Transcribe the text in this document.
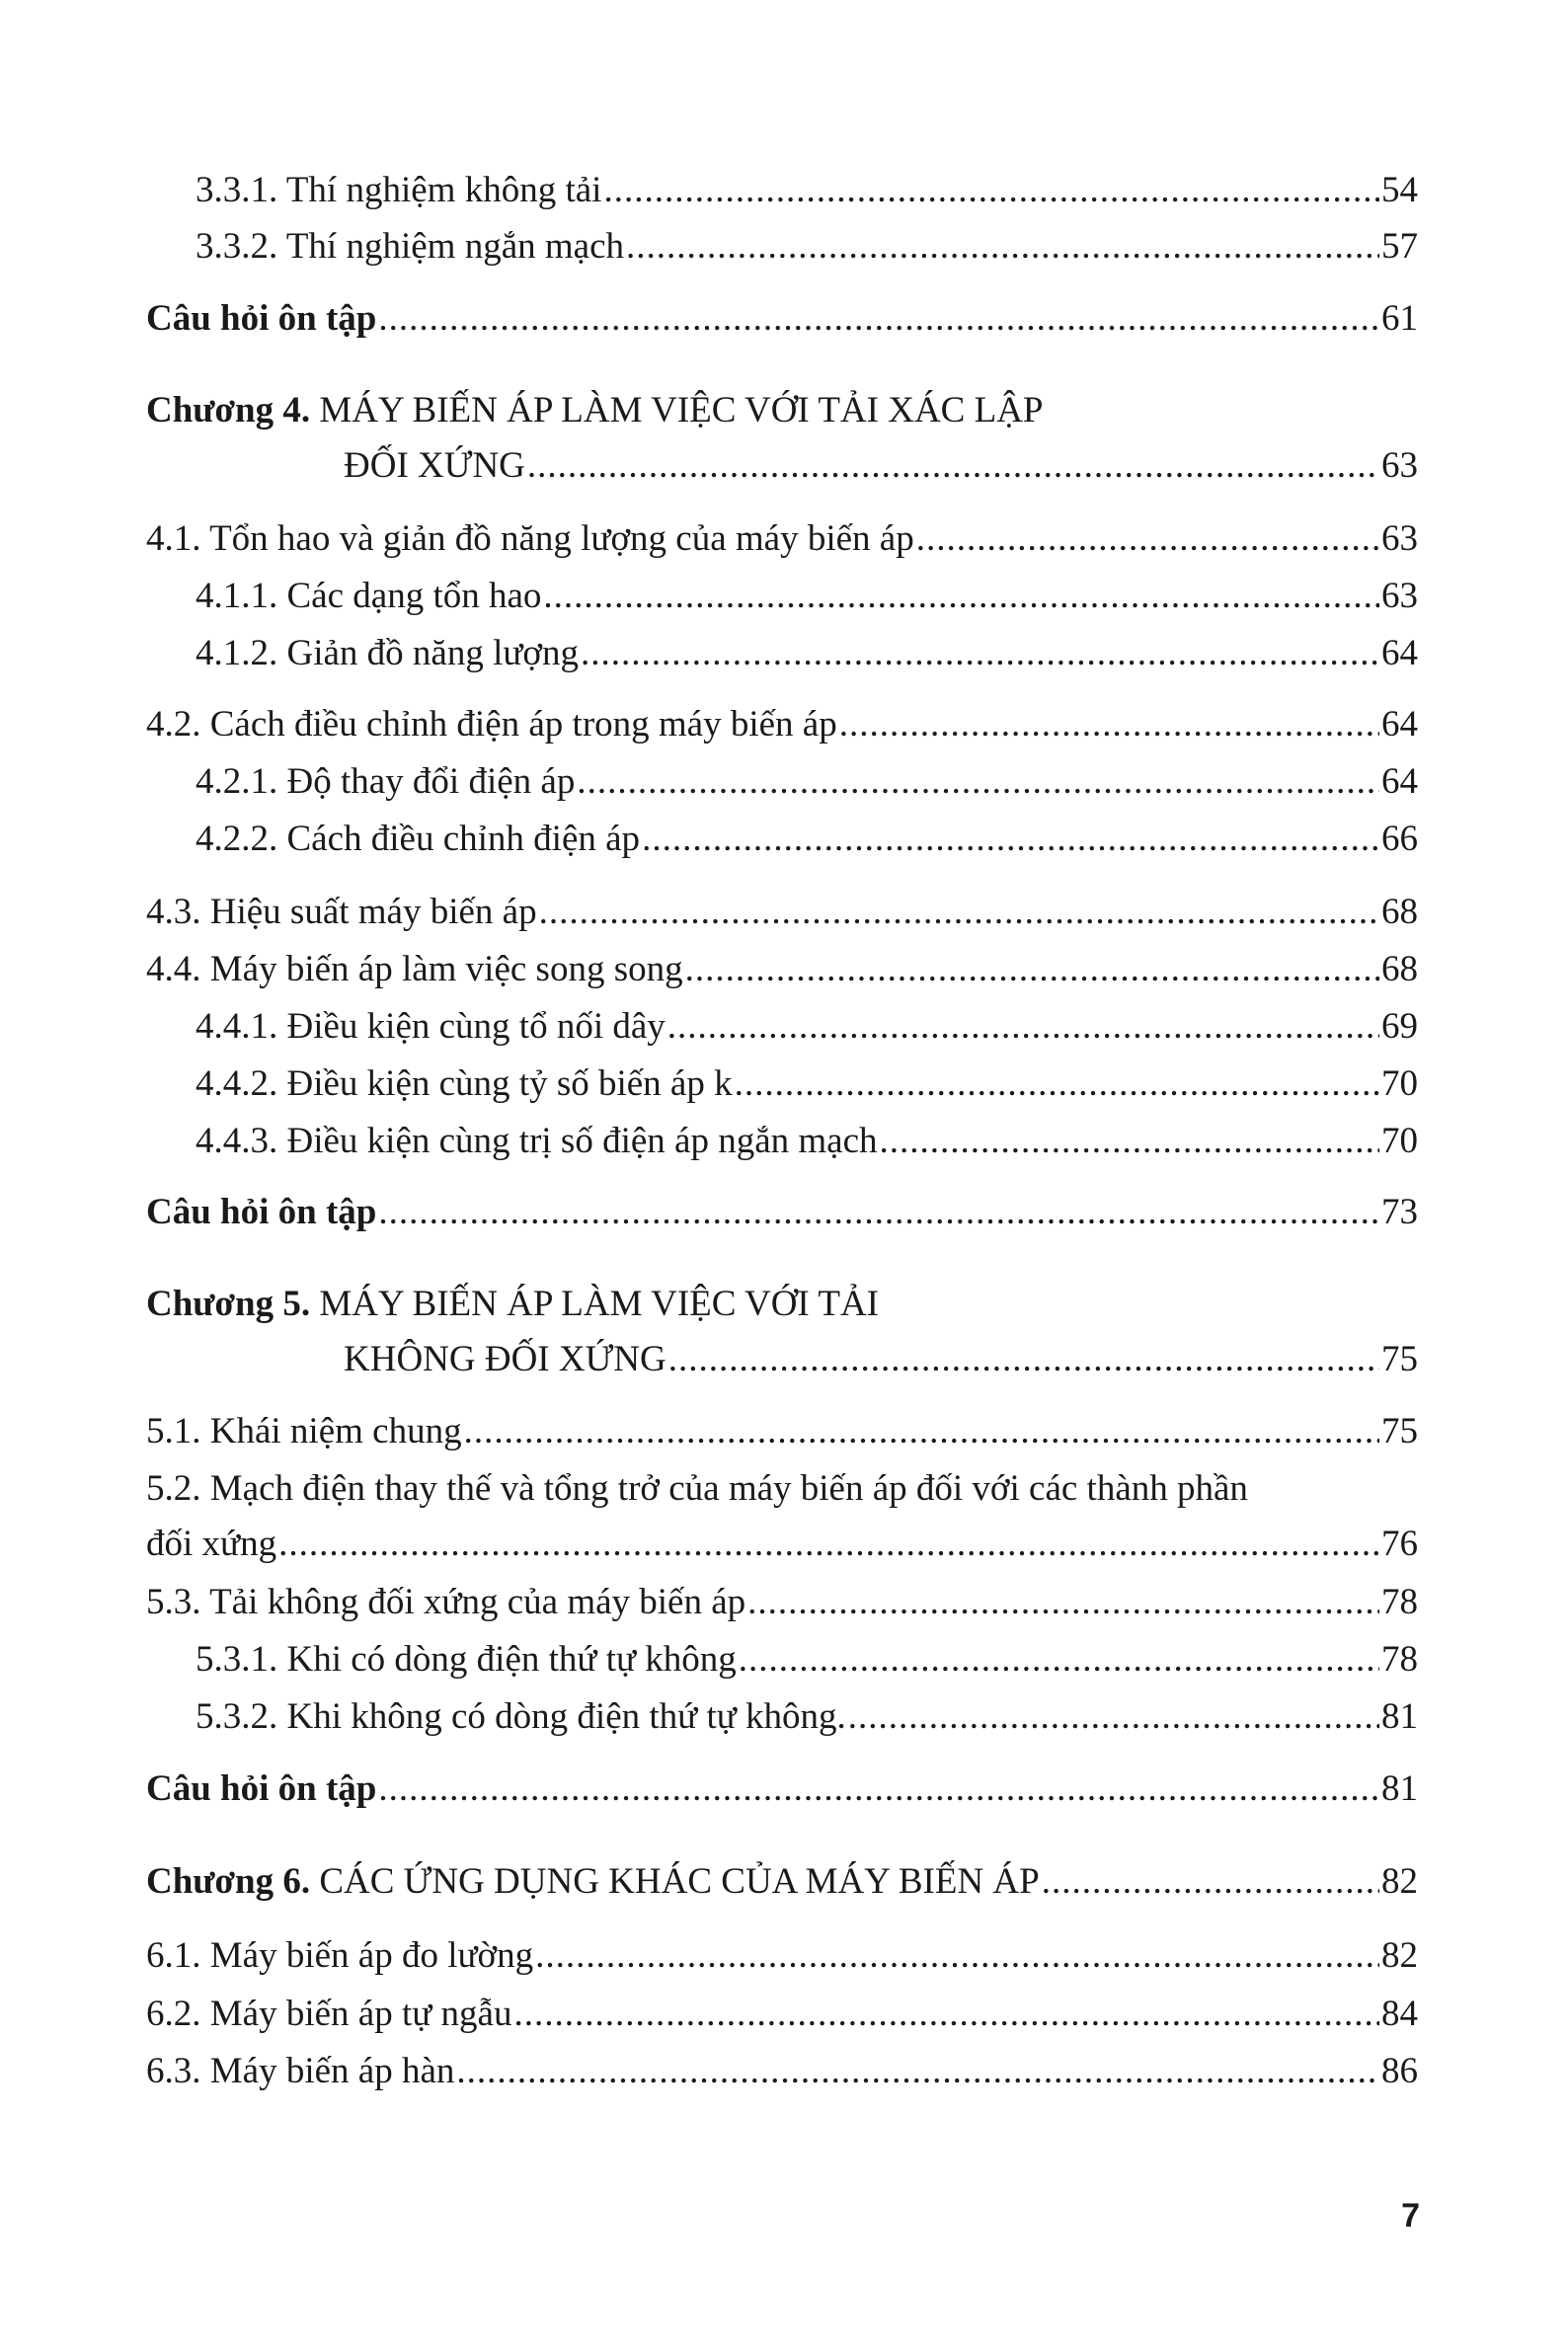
3.3.1. Thí nghiệm không tải .....	54
3.3.2. Thí nghiệm ngắn mạch .....	57
Câu hỏi ôn tập .....	61
Chương 4. MÁY BIẾN ÁP LÀM VIỆC VỚI TẢI XÁC LẬP
ĐỐI XỨNG .....	63
4.1. Tổn hao và giản đồ năng lượng của máy biến áp .....	63
4.1.1. Các dạng tổn hao .....	63
4.1.2. Giản đồ năng lượng .....	64
4.2. Cách điều chỉnh điện áp trong máy biến áp .....	64
4.2.1. Độ thay đổi điện áp .....	64
4.2.2. Cách điều chỉnh điện áp .....	66
4.3. Hiệu suất máy biến áp .....	68
4.4. Máy biến áp làm việc song song .....	68
4.4.1. Điều kiện cùng tổ nối dây .....	69
4.4.2. Điều kiện cùng tỷ số biến áp k .....	70
4.4.3. Điều kiện cùng trị số điện áp ngắn mạch .....	70
Câu hỏi ôn tập .....	73
Chương 5. MÁY BIẾN ÁP LÀM VIỆC VỚI TẢI
KHÔNG ĐỐI XỨNG .....	75
5.1. Khái niệm chung .....	75
5.2. Mạch điện thay thế và tổng trở của máy biến áp đối với các thành phần
đối xứng .....	76
5.3. Tải không đối xứng của máy biến áp .....	78
5.3.1. Khi có dòng điện thứ tự không .....	78
5.3.2. Khi không có dòng điện thứ tự không. .....	81
Câu hỏi ôn tập .....	81
Chương 6. CÁC ỨNG DỤNG KHÁC CỦA MÁY BIẾN ÁP .....	82
6.1. Máy biến áp đo lường .....	82
6.2. Máy biến áp tự ngẫu .....	84
6.3. Máy biến áp hàn .....	86
7
